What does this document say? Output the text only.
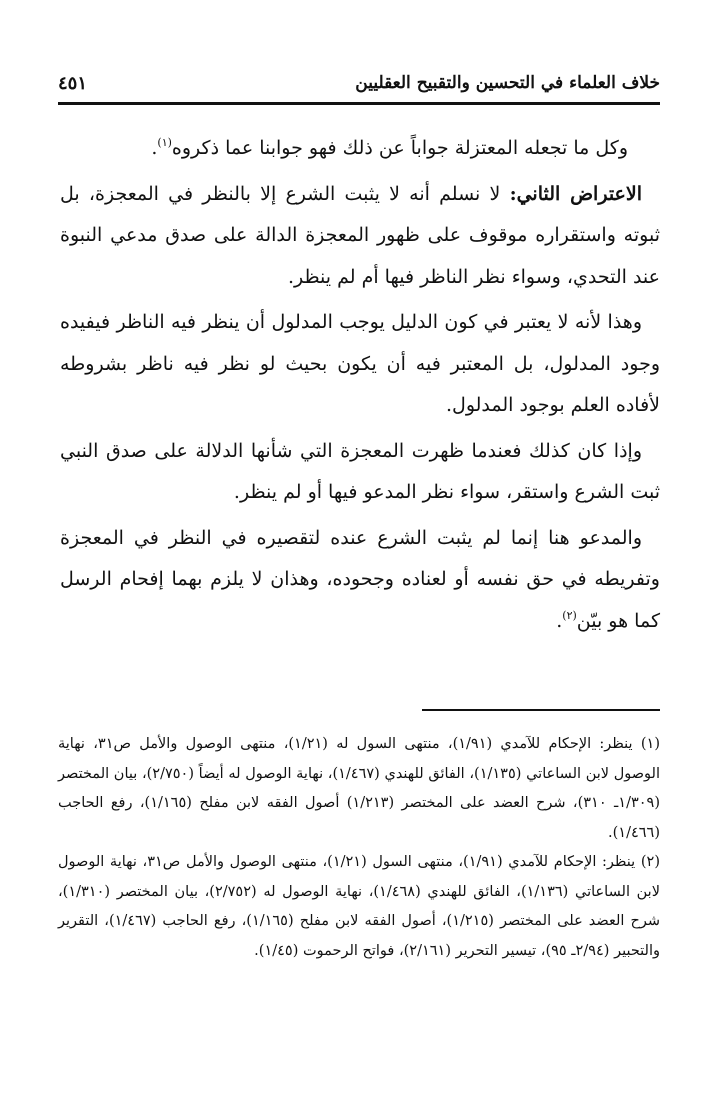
خلاف العلماء في التحسين والتقبيح العقليين
٤٥١

وكل ما تجعله المعتزلة جواباً عن ذلك فهو جوابنا عما ذكروه$^{(١)}$.

الاعتراض الثاني: لا نسلم أنه لا يثبت الشرع إلا بالنظر في المعجزة، بل ثبوته واستقراره موقوف على ظهور المعجزة الدالة على صدق مدعي النبوة عند التحدي، وسواء نظر الناظر فيها أم لم ينظر.

وهذا لأنه لا يعتبر في كون الدليل يوجب المدلول أن ينظر فيه الناظر فيفيده وجود المدلول، بل المعتبر فيه أن يكون بحيث لو نظر فيه ناظر بشروطه لأفاده العلم بوجود المدلول.

وإذا كان كذلك فعندما ظهرت المعجزة التي شأنها الدلالة على صدق النبي ثبت الشرع واستقر، سواء نظر المدعو فيها أو لم ينظر.

والمدعو هنا إنما لم يثبت الشرع عنده لتقصيره في النظر في المعجزة وتفريطه في حق نفسه أو لعناده وجحوده، وهذان لا يلزم بهما إفحام الرسل كما هو بيّن$^{(٢)}$.

(١) ينظر: الإحكام للآمدي (١/٩١)، منتهى السول له (١/٢١)، منتهى الوصول والأمل ص٣١، نهاية الوصول لابن الساعاتي (١/١٣٥)، الفائق للهندي (١/٤٦٧)، نهاية الوصول له أيضاً (٢/٧٥٠)، بيان المختصر (١/٣٠٩ـ ٣١٠)، شرح العضد على المختصر (١/٢١٣) أصول الفقه لابن مفلح (١/١٦٥)، رفع الحاجب (١/٤٦٦).

(٢) ينظر: الإحكام للآمدي (١/٩١)، منتهى السول (١/٢١)، منتهى الوصول والأمل ص٣١، نهاية الوصول لابن الساعاتي (١/١٣٦)، الفائق للهندي (١/٤٦٨)، نهاية الوصول له (٢/٧٥٢)، بيان المختصر (١/٣١٠)، شرح العضد على المختصر (١/٢١٥)، أصول الفقه لابن مفلح (١/١٦٥)، رفع الحاجب (١/٤٦٧)، التقرير والتحبير (٢/٩٤ـ ٩٥)، تيسير التحرير (٢/١٦١)، فواتح الرحموت (١/٤٥).
